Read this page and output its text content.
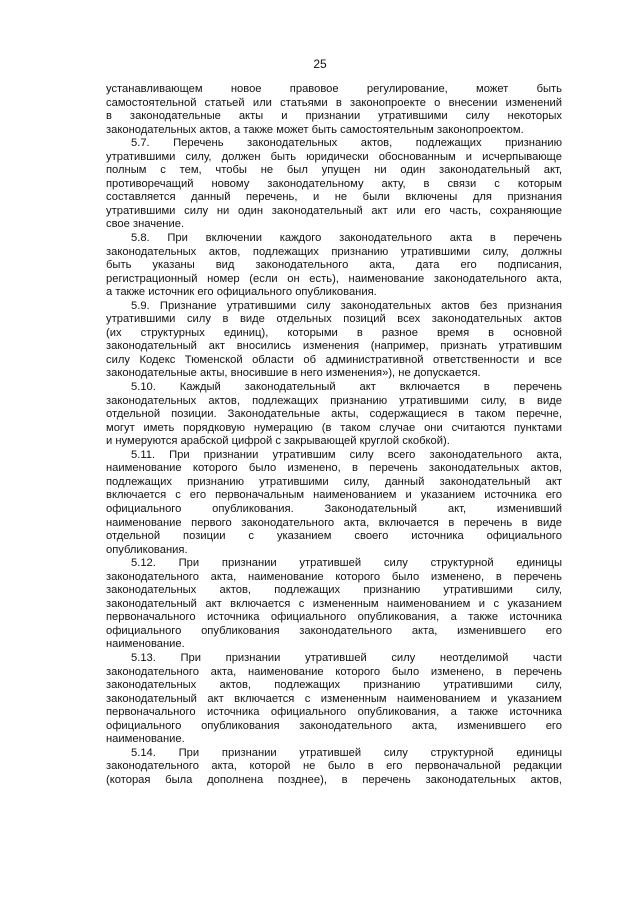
25
устанавливающем новое правовое регулирование, может быть
самостоятельной статьей или статьями в законопроекте о внесении изменений
в законодательные акты и признании утратившими силу некоторых
законодательных актов, а также может быть самостоятельным законопроектом.
5.7. Перечень законодательных актов, подлежащих признанию
утратившими силу, должен быть юридически обоснованным и исчерпывающе
полным с тем, чтобы не был упущен ни один законодательный акт,
противоречащий новому законодательному акту, в связи с которым
составляется данный перечень, и не были включены для признания
утратившими силу ни один законодательный акт или его часть, сохраняющие
свое значение.
5.8. При включении каждого законодательного акта в перечень
законодательных актов, подлежащих признанию утратившими силу, должны
быть указаны вид законодательного акта, дата его подписания,
регистрационный номер (если он есть), наименование законодательного акта,
а также источник его официального опубликования.
5.9. Признание утратившими силу законодательных актов без признания
утратившими силу в виде отдельных позиций всех законодательных актов
(их структурных единиц), которыми в разное время в основной
законодательный акт вносились изменения (например, признать утратившим
силу Кодекс Тюменской области об административной ответственности и все
законодательные акты, вносившие в него изменения»), не допускается.
5.10. Каждый законодательный акт включается в перечень
законодательных актов, подлежащих признанию утратившими силу, в виде
отдельной позиции. Законодательные акты, содержащиеся в таком перечне,
могут иметь порядковую нумерацию (в таком случае они считаются пунктами
и нумеруются арабской цифрой с закрывающей круглой скобкой).
5.11. При признании утратившим силу всего законодательного акта,
наименование которого было изменено, в перечень законодательных актов,
подлежащих признанию утратившими силу, данный законодательный акт
включается с его первоначальным наименованием и указанием источника его
официального опубликования. Законодательный акт, изменивший
наименование первого законодательного акта, включается в перечень в виде
отдельной позиции с указанием своего источника официального
опубликования.
5.12. При признании утратившей силу структурной единицы
законодательного акта, наименование которого было изменено, в перечень
законодательных актов, подлежащих признанию утратившими силу,
законодательный акт включается с измененным наименованием и с указанием
первоначального источника официального опубликования, а также источника
официального опубликования законодательного акта, изменившего его
наименование.
5.13. При признании утратившей силу неотделимой части
законодательного акта, наименование которого было изменено, в перечень
законодательных актов, подлежащих признанию утратившими силу,
законодательный акт включается с измененным наименованием и указанием
первоначального источника официального опубликования, а также источника
официального опубликования законодательного акта, изменившего его
наименование.
5.14. При признании утратившей силу структурной единицы
законодательного акта, которой не было в его первоначальной редакции
(которая была дополнена позднее), в перечень законодательных актов,
